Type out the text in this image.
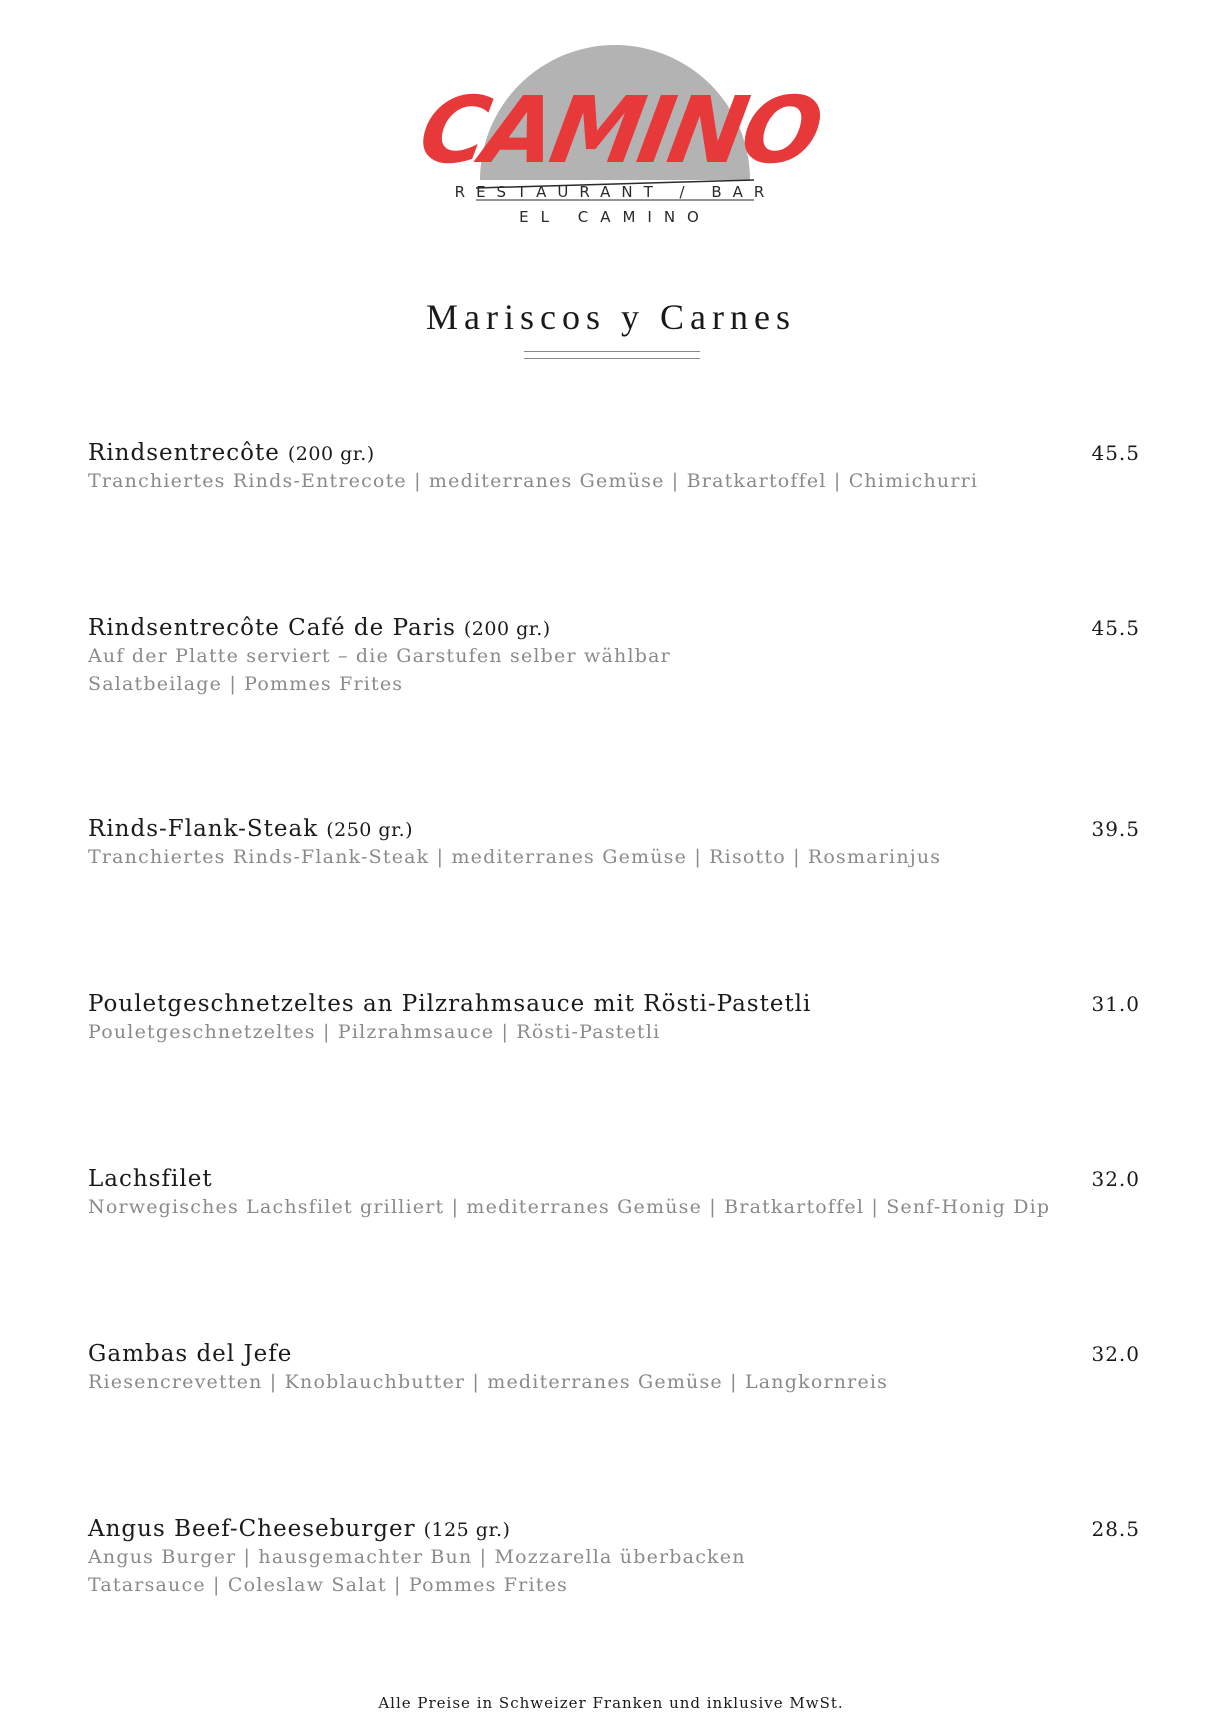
CAMINO
RESTAURANT / BAR
EL CAMINO
Mariscos y Carnes
Rindsentrecôte (200 gr.)	45.5
Tranchiertes Rinds-Entrecote | mediterranes Gemüse | Bratkartoffel | Chimichurri
Rindsentrecôte Café de Paris (200 gr.)	45.5
Auf der Platte serviert – die Garstufen selber wählbar
Salatbeilage | Pommes Frites
Rinds-Flank-Steak (250 gr.)	39.5
Tranchiertes Rinds-Flank-Steak | mediterranes Gemüse | Risotto | Rosmarinjus
Pouletgeschnetzeltes an Pilzrahmsauce mit Rösti-Pastetli	31.0
Pouletgeschnetzeltes | Pilzrahmsauce | Rösti-Pastetli
Lachsfilet	32.0
Norwegisches Lachsfilet grilliert | mediterranes Gemüse | Bratkartoffel | Senf-Honig Dip
Gambas del Jefe	32.0
Riesencrevetten | Knoblauchbutter | mediterranes Gemüse | Langkornreis
Angus Beef-Cheeseburger (125 gr.)	28.5
Angus Burger | hausgemachter Bun | Mozzarella überbacken
Tatarsauce | Coleslaw Salat | Pommes Frites
Alle Preise in Schweizer Franken und inklusive MwSt.
